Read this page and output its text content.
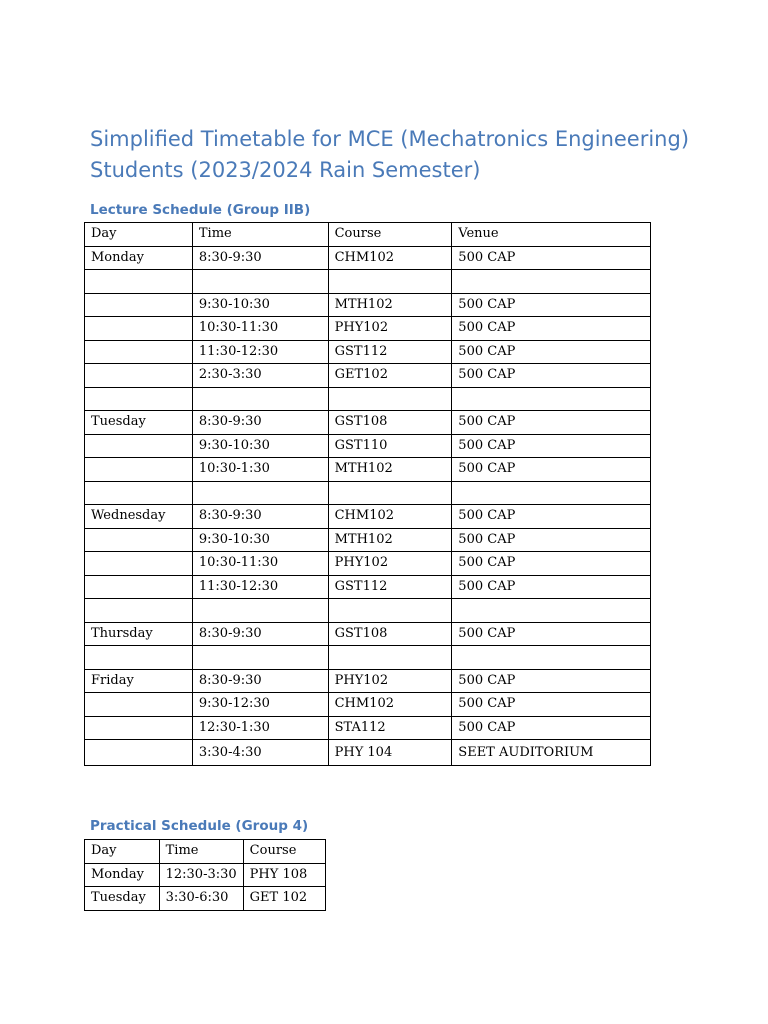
Simplified Timetable for MCE (Mechatronics Engineering) Students (2023/2024 Rain Semester)
Lecture Schedule (Group IIB)
Day	Time	Course	Venue
Monday	8:30-9:30	CHM102	500 CAP

	9:30-10:30	MTH102	500 CAP
	10:30-11:30	PHY102	500 CAP
	11:30-12:30	GST112	500 CAP
	2:30-3:30	GET102	500 CAP

Tuesday	8:30-9:30	GST108	500 CAP
	9:30-10:30	GST110	500 CAP
	10:30-1:30	MTH102	500 CAP

Wednesday	8:30-9:30	CHM102	500 CAP
	9:30-10:30	MTH102	500 CAP
	10:30-11:30	PHY102	500 CAP
	11:30-12:30	GST112	500 CAP

Thursday	8:30-9:30	GST108	500 CAP

Friday	8:30-9:30	PHY102	500 CAP
	9:30-12:30	CHM102	500 CAP
	12:30-1:30	STA112	500 CAP
	3:30-4:30	PHY 104	SEET AUDITORIUM
Practical Schedule (Group 4)
Day	Time	Course
Monday	12:30-3:30	PHY 108
Tuesday	3:30-6:30	GET 102
